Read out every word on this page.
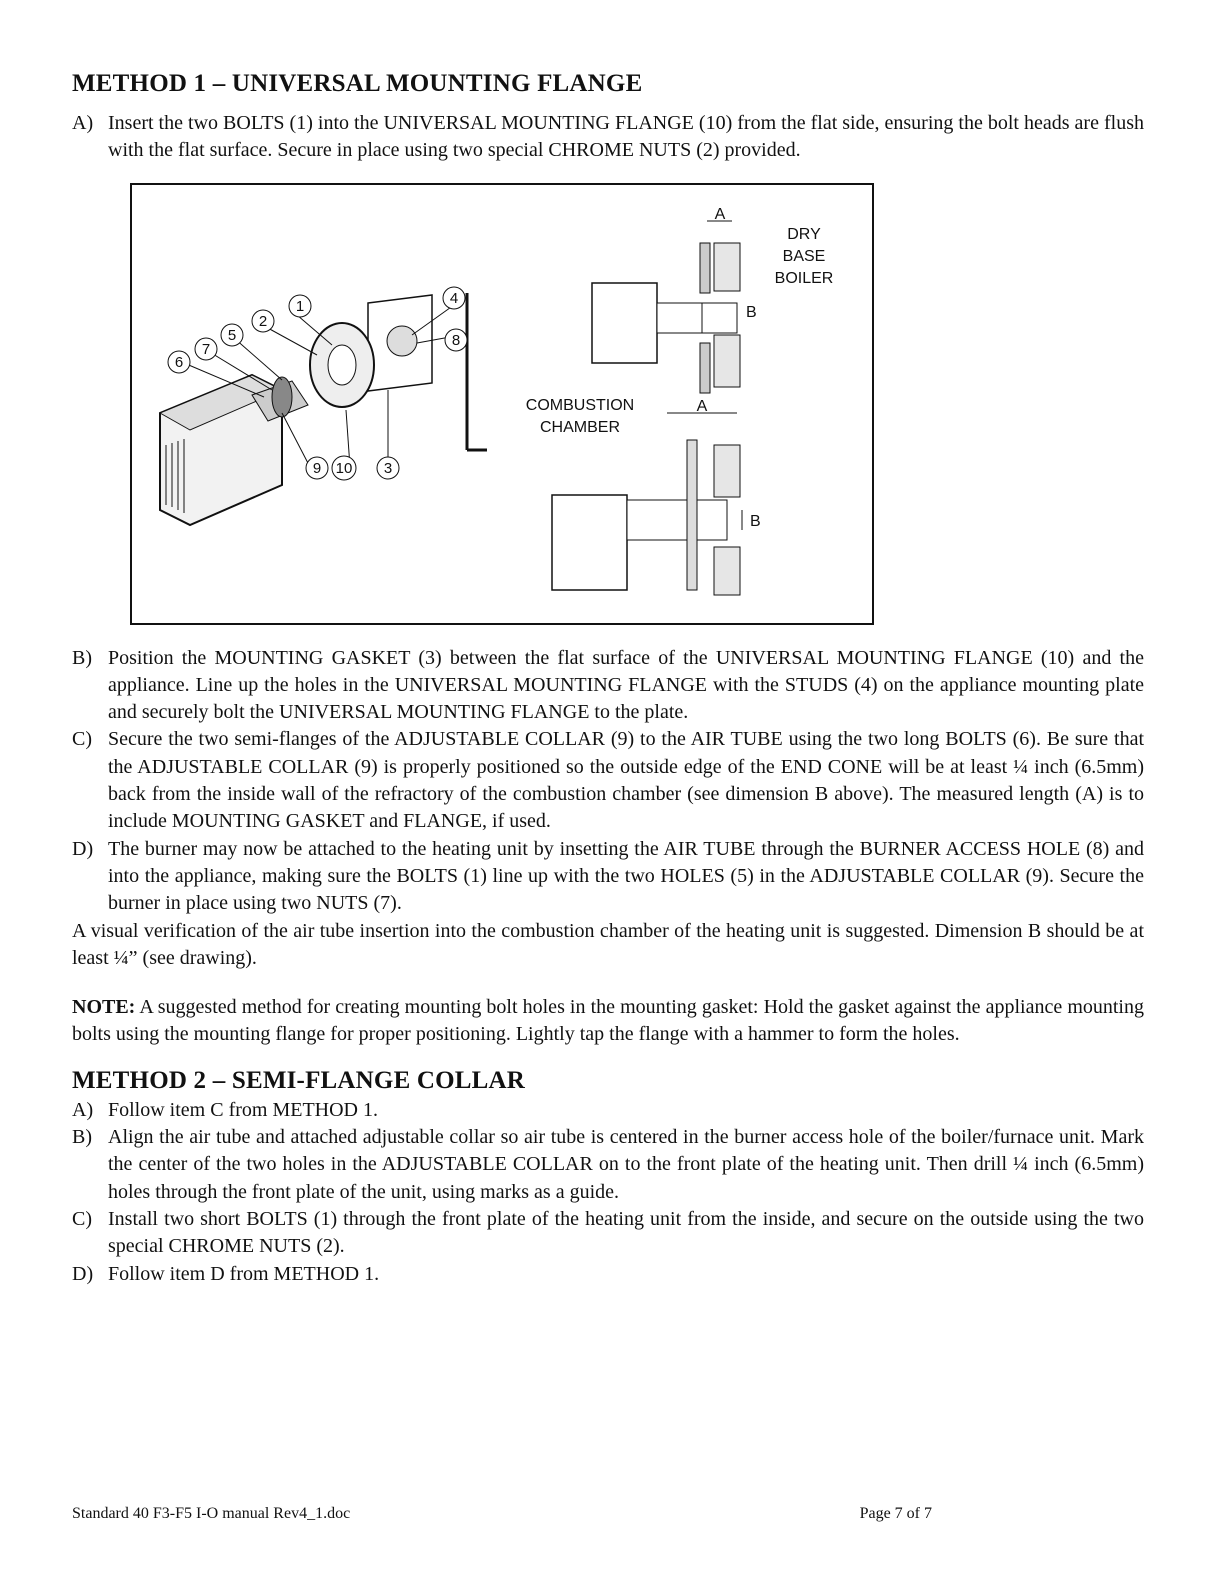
METHOD 1 – UNIVERSAL MOUNTING FLANGE
A) Insert the two BOLTS (1) into the UNIVERSAL MOUNTING FLANGE (10) from the flat side, ensuring the bolt heads are flush with the flat surface. Secure in place using two special CHROME NUTS (2) provided.
1
2
5
7
6
4
8
9 10 3
A
B
DRY
BASE
BOILER
COMBUSTION
CHAMBER
A
B
B) Position the MOUNTING GASKET (3) between the flat surface of the UNIVERSAL MOUNTING FLANGE (10) and the appliance. Line up the holes in the UNIVERSAL MOUNTING FLANGE with the STUDS (4) on the appliance mounting plate and securely bolt the UNIVERSAL MOUNTING FLANGE to the plate.
C) Secure the two semi-flanges of the ADJUSTABLE COLLAR (9) to the AIR TUBE using the two long BOLTS (6). Be sure that the ADJUSTABLE COLLAR (9) is properly positioned so the outside edge of the END CONE will be at least ¼ inch (6.5mm) back from the inside wall of the refractory of the combustion chamber (see dimension B above). The measured length (A) is to include MOUNTING GASKET and FLANGE, if used.
D) The burner may now be attached to the heating unit by insetting the AIR TUBE through the BURNER ACCESS HOLE (8) and into the appliance, making sure the BOLTS (1) line up with the two HOLES (5) in the ADJUSTABLE COLLAR (9). Secure the burner in place using two NUTS (7).
A visual verification of the air tube insertion into the combustion chamber of the heating unit is suggested. Dimension B should be at least ¼” (see drawing).
NOTE: A suggested method for creating mounting bolt holes in the mounting gasket: Hold the gasket against the appliance mounting bolts using the mounting flange for proper positioning. Lightly tap the flange with a hammer to form the holes.
METHOD 2 – SEMI-FLANGE COLLAR
A) Follow item C from METHOD 1.
B) Align the air tube and attached adjustable collar so air tube is centered in the burner access hole of the boiler/furnace unit. Mark the center of the two holes in the ADJUSTABLE COLLAR on to the front plate of the heating unit. Then drill ¼ inch (6.5mm) holes through the front plate of the unit, using marks as a guide.
C) Install two short BOLTS (1) through the front plate of the heating unit from the inside, and secure on the outside using the two special CHROME NUTS (2).
D) Follow item D from METHOD 1.
Standard 40 F3-F5 I-O manual Rev4_1.doc	Page 7 of 7
